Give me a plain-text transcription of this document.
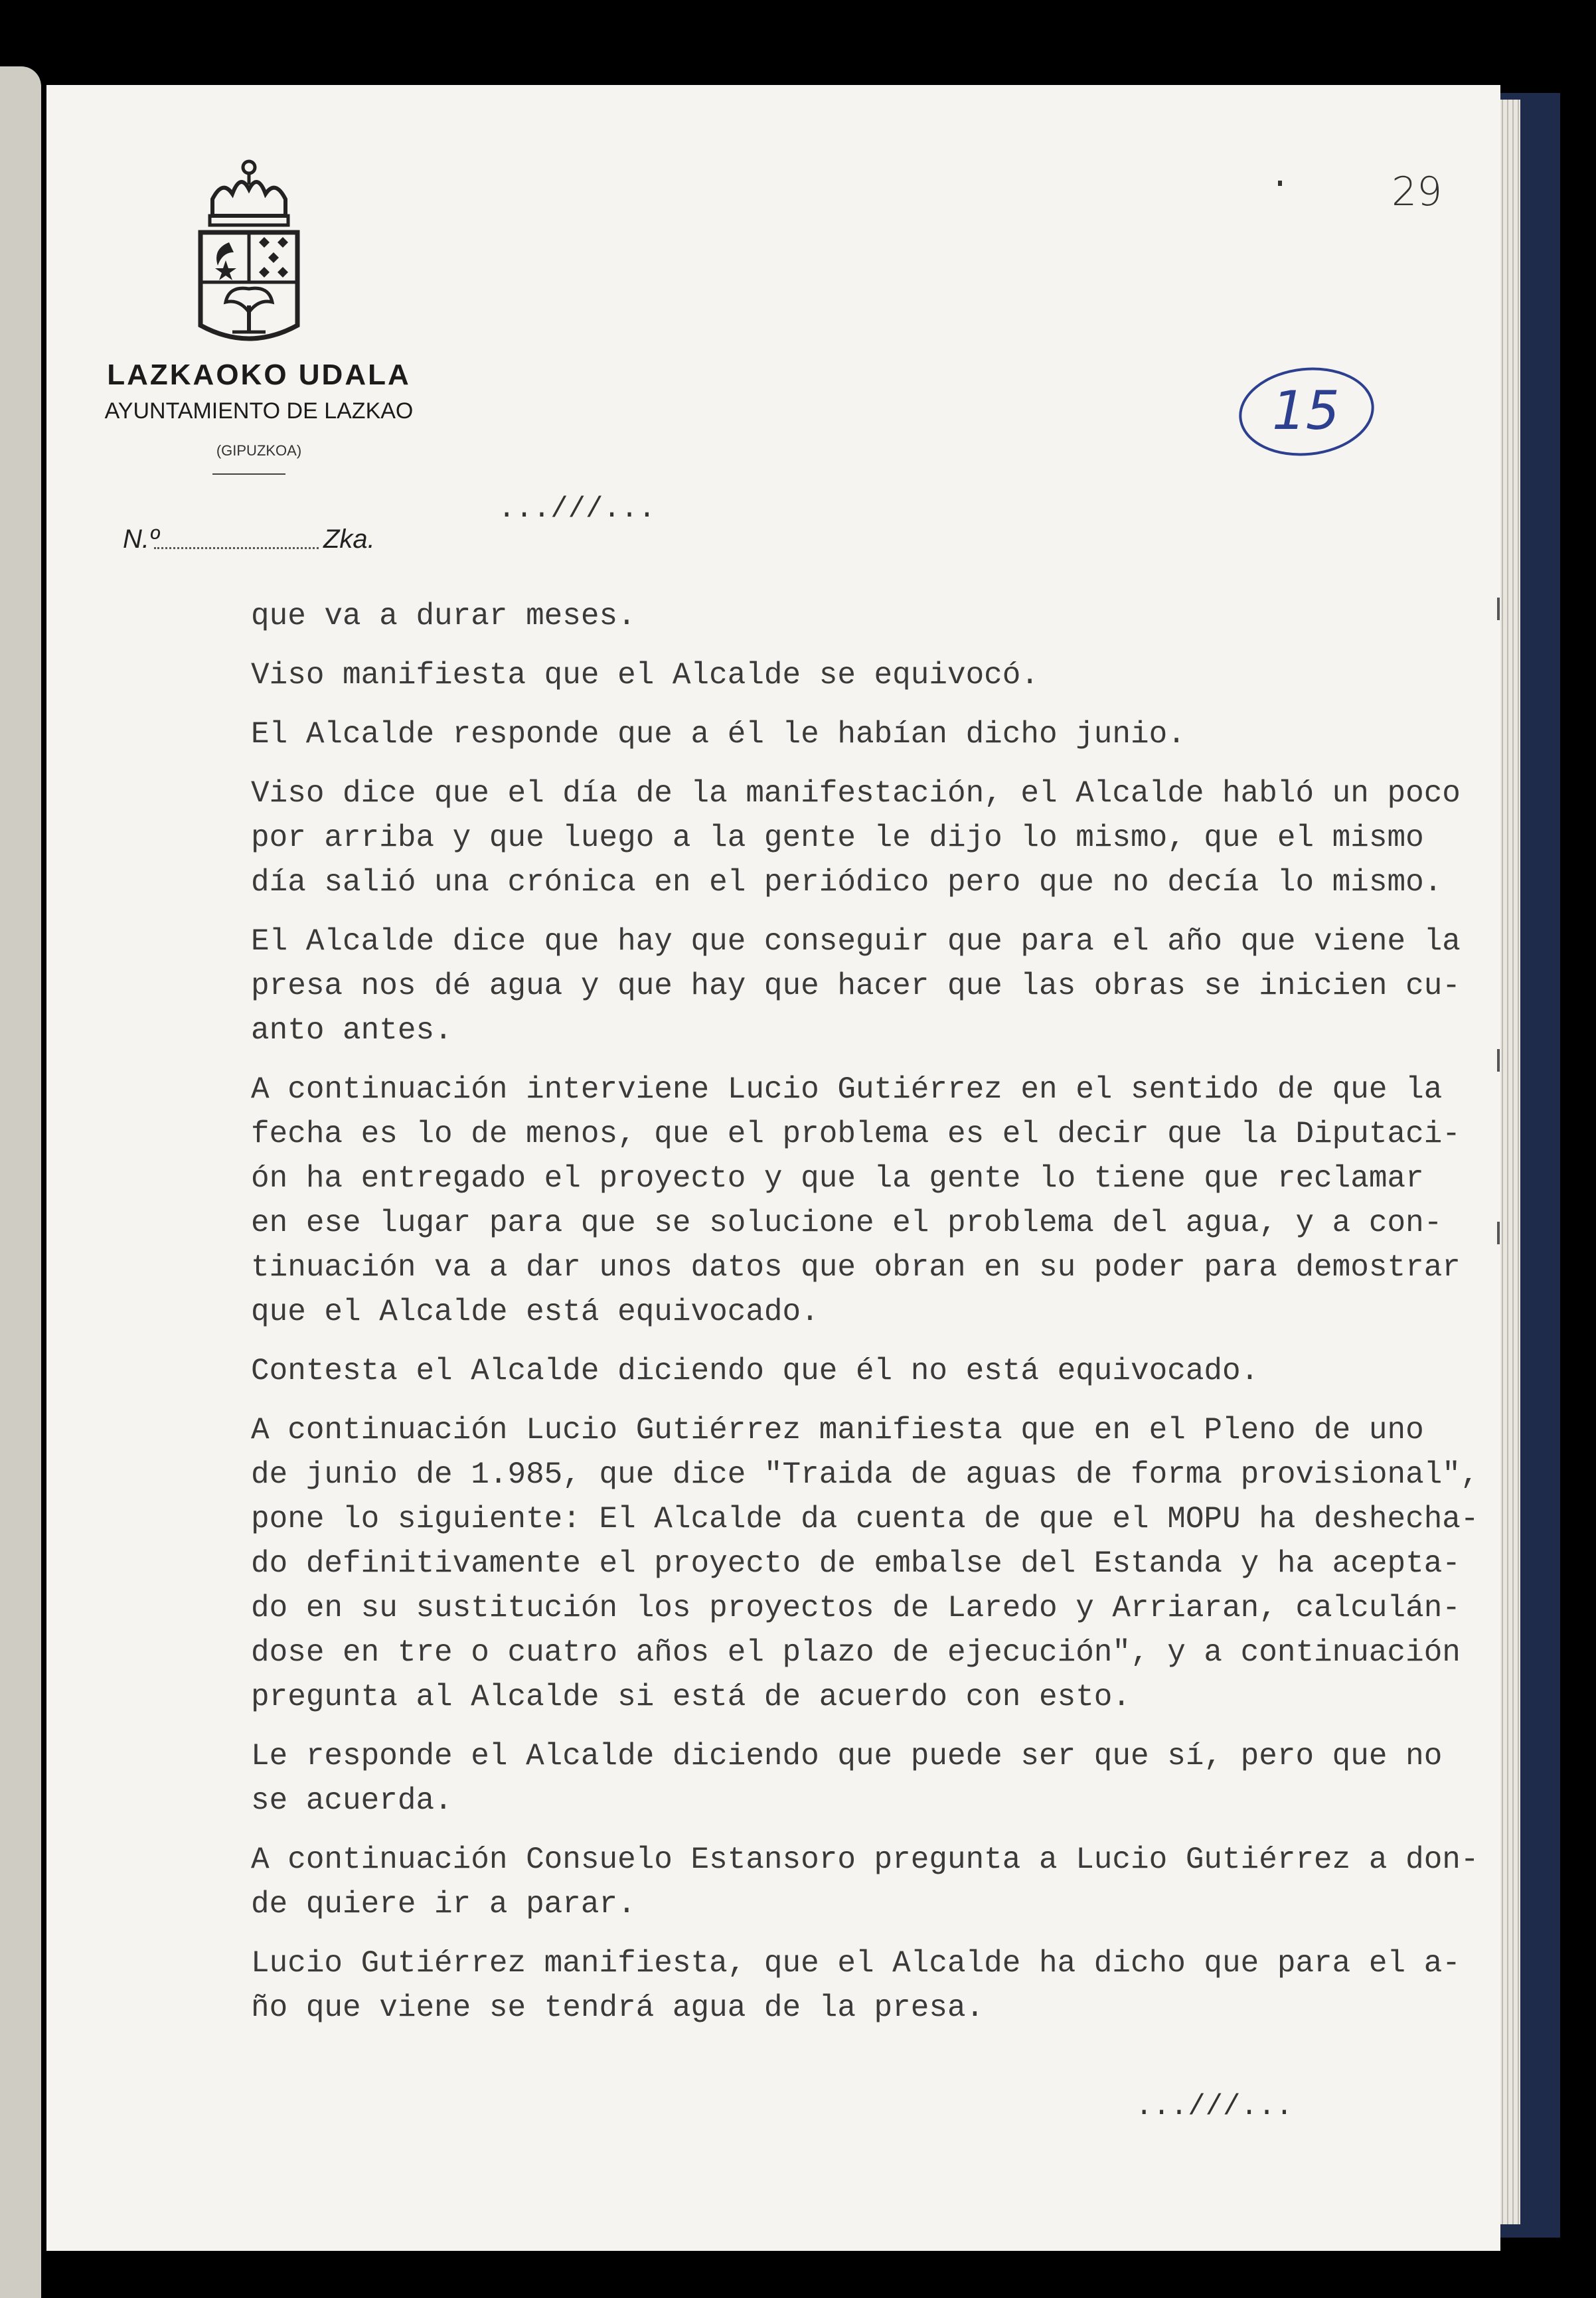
LAZKAOKO UDALA
AYUNTAMIENTO DE LAZKAO
(GIPUZKOA)
N.º	Zka.
29
15
...///...

que va a durar meses.

Viso manifiesta que el Alcalde se equivocó.

El Alcalde responde que a él le habían dicho junio.

Viso dice que el día de la manifestación, el Alcalde habló un poco
por arriba y que luego a la gente le dijo lo mismo, que el mismo
día salió una crónica en el periódico pero que no decía lo mismo.

El Alcalde dice que hay que conseguir que para el año que viene la
presa nos dé agua y que hay que hacer que las obras se inicien cu-
anto antes.

A continuación interviene Lucio Gutiérrez en el sentido de que la
fecha es lo de menos, que el problema es el decir que la Diputaci-
ón ha entregado el proyecto y que la gente lo tiene que reclamar
en ese lugar para que se solucione el problema del agua, y a con-
tinuación va a dar unos datos que obran en su poder para demostrar
que el Alcalde está equivocado.

Contesta el Alcalde diciendo que él no está equivocado.

A continuación Lucio Gutiérrez manifiesta que en el Pleno de uno
de junio de 1.985, que dice "Traida de aguas de forma provisional",
pone lo siguiente: El Alcalde da cuenta de que el MOPU ha deshecha-
do definitivamente el proyecto de embalse del Estanda y ha acepta-
do en su sustitución los proyectos de Laredo y Arriaran, calculán-
dose en tre o cuatro años el plazo de ejecución", y a continuación
pregunta al Alcalde si está de acuerdo con esto.

Le responde el Alcalde diciendo que puede ser que sí, pero que no
se acuerda.

A continuación Consuelo Estansoro pregunta a Lucio Gutiérrez a don-
de quiere ir a parar.

Lucio Gutiérrez manifiesta, que el Alcalde ha dicho que para el a-
ño que viene se tendrá agua de la presa.

...///...
